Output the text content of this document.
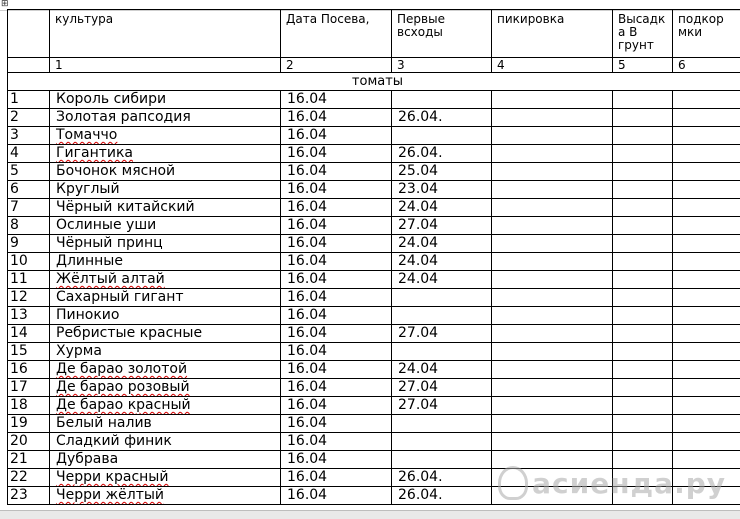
⊞
	культура	Дата Посева,	Первые всходы	пикировка	Высадк а В грунт	подкор мки
	1	2	3	4	5	6
томаты						
1	Король сибири	16.04				
2	Золотая рапсодия	16.04	26.04.			
3	Томаччо	16.04				
4	Гигантика	16.04	26.04.			
5	Бочонок мясной	16.04	25.04			
6	Круглый	16.04	23.04			
7	Чёрный китайский	16.04	24.04			
8	Ослиные уши	16.04	27.04			
9	Чёрный принц	16.04	24.04			
10	Длинные	16.04	24.04			
11	Жёлтый алтай	16.04	24.04			
12	Сахарный гигант	16.04				
13	Пинокио	16.04				
14	Ребристые красные	16.04	27.04			
15	Хурма	16.04				
16	Де барао золотой	16.04	24.04			
17	Де барао розовый	16.04	27.04			
18	Де барао красный	16.04	27.04			
19	Белый налив	16.04				
20	Сладкий финик	16.04				
21	Дубрава	16.04				
22	Черри красный	16.04	26.04.			
23	Черри жёлтый	16.04	26.04.				асиенда.ру
